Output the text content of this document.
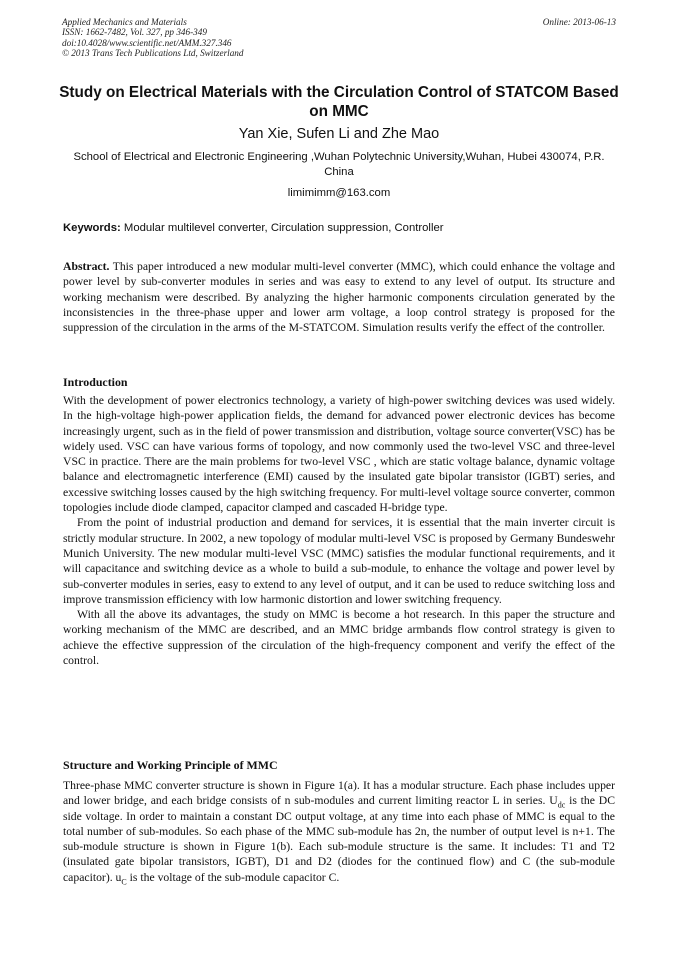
Applied Mechanics and Materials
ISSN: 1662-7482, Vol. 327, pp 346-349
doi:10.4028/www.scientific.net/AMM.327.346
© 2013 Trans Tech Publications Ltd, Switzerland
Online: 2013-06-13
Study on Electrical Materials with the Circulation Control of STATCOM Based on MMC
Yan Xie, Sufen Li and Zhe Mao
School of Electrical and Electronic Engineering ,Wuhan Polytechnic University,Wuhan, Hubei 430074, P.R. China
limimimm@163.com
Keywords: Modular multilevel converter, Circulation suppression, Controller

Abstract. This paper introduced a new modular multi-level converter (MMC), which could enhance the voltage and power level by sub-converter modules in series and was easy to extend to any level of output. Its structure and working mechanism were described. By analyzing the higher harmonic components circulation generated by the inconsistencies in the three-phase upper and lower arm voltage, a loop control strategy is proposed for the suppression of the circulation in the arms of the M-STATCOM. Simulation results verify the effect of the controller.

Introduction

With the development of power electronics technology, a variety of high-power switching devices was used widely. In the high-voltage high-power application fields, the demand for advanced power electronic devices has become increasingly urgent, such as in the field of power transmission and distribution, voltage source converter(VSC) has be widely used. VSC can have various forms of topology, and now commonly used the two-level VSC and three-level VSC in practice. There are the main problems for two-level VSC , which are static voltage balance, dynamic voltage balance and electromagnetic interference (EMI) caused by the insulated gate bipolar transistor (IGBT) series, and excessive switching losses caused by the high switching frequency. For multi-level voltage source converter, common topologies include diode clamped, capacitor clamped and cascaded H-bridge type.

From the point of industrial production and demand for services, it is essential that the main inverter circuit is strictly modular structure. In 2002, a new topology of modular multi-level VSC is proposed by Germany Bundeswehr Munich University. The new modular multi-level VSC (MMC) satisfies the modular functional requirements, and it will capacitance and switching device as a whole to build a sub-module, to enhance the voltage and power level by sub-converter modules in series, easy to extend to any level of output, and it can be used to reduce switching loss and improve transmission efficiency with low harmonic distortion and lower switching frequency.

With all the above its advantages, the study on MMC is become a hot research. In this paper the structure and working mechanism of the MMC are described, and an MMC bridge armbands flow control strategy is given to achieve the effective suppression of the circulation of the high-frequency component and verify the effect of the control.

Structure and Working Principle of MMC

Three-phase MMC converter structure is shown in Figure 1(a). It has a modular structure. Each phase includes upper and lower bridge, and each bridge consists of n sub-modules and current limiting reactor L in series. $U_{dc}$ is the DC side voltage. In order to maintain a constant DC output voltage, at any time into each phase of MMC is equal to the total number of sub-modules. So each phase of the MMC sub-module has 2n, the number of output level is n+1. The sub-module structure is shown in Figure 1(b). Each sub-module structure is the same. It includes: T1 and T2 (insulated gate bipolar transistors, IGBT), D1 and D2 (diodes for the continued flow) and C (the sub-module capacitor). $u_C$ is the voltage of the sub-module capacitor C.
